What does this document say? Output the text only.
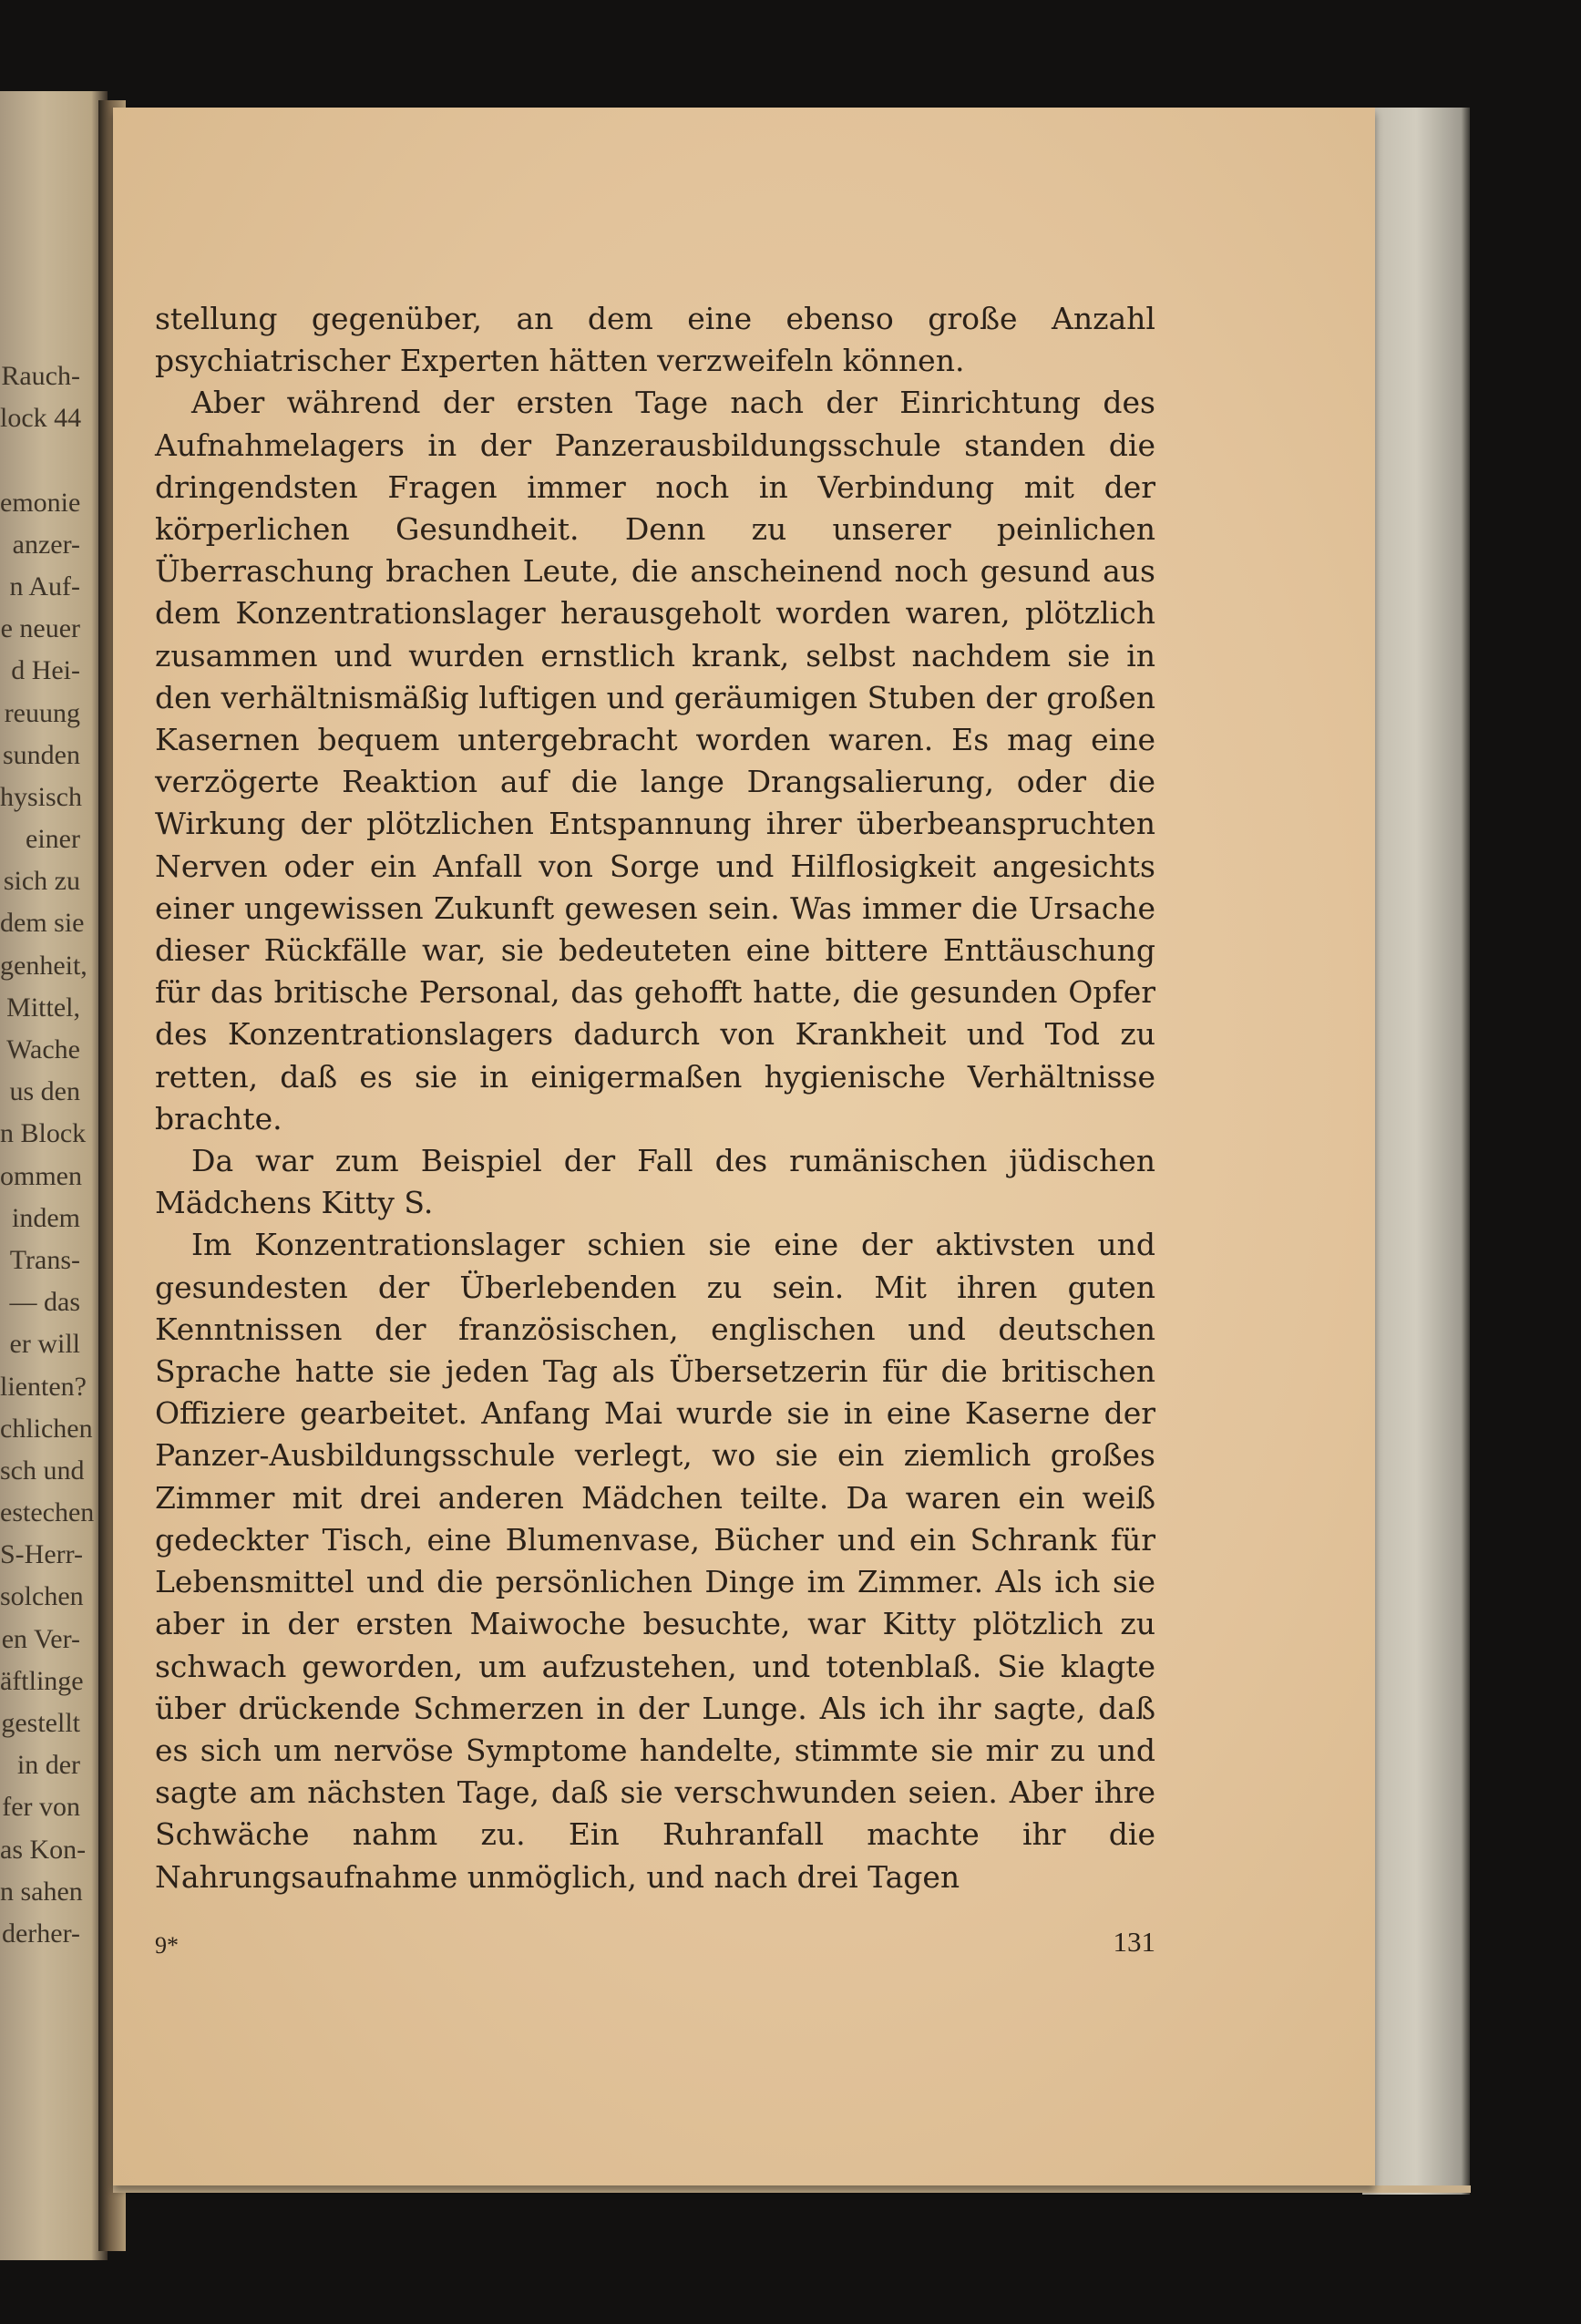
Rauch-
lock 44
emonie
anzer-
n Auf-
e neuer
d Hei-
reuung
sunden
hysisch
einer
sich zu
dem sie
genheit,
Mittel,
Wache
us den
n Block
ommen
indem
Trans-
— das
er will
lienten?
chlichen
sch und
estechen
S-Herr-
solchen
en Ver-
äftlinge
gestellt
in der
fer von
as Kon-
n sahen
derher-

stellung gegenüber, an dem eine ebenso große Anzahl psychiatrischer Experten hätten verzweifeln können.

Aber während der ersten Tage nach der Einrichtung des Aufnahmelagers in der Panzerausbildungsschule standen die dringendsten Fragen immer noch in Verbindung mit der körperlichen Gesundheit. Denn zu unserer peinlichen Überraschung brachen Leute, die anscheinend noch gesund aus dem Konzentrationslager herausgeholt worden waren, plötzlich zusammen und wurden ernstlich krank, selbst nachdem sie in den verhältnismäßig luftigen und geräumigen Stuben der großen Kasernen bequem untergebracht worden waren. Es mag eine verzögerte Reaktion auf die lange Drangsalierung, oder die Wirkung der plötzlichen Entspannung ihrer überbeanspruchten Nerven oder ein Anfall von Sorge und Hilflosigkeit angesichts einer ungewissen Zukunft gewesen sein. Was immer die Ursache dieser Rückfälle war, sie bedeuteten eine bittere Enttäuschung für das britische Personal, das gehofft hatte, die gesunden Opfer des Konzentrationslagers dadurch von Krankheit und Tod zu retten, daß es sie in einigermaßen hygienische Verhältnisse brachte.

Da war zum Beispiel der Fall des rumänischen jüdischen Mädchens Kitty S.

Im Konzentrationslager schien sie eine der aktivsten und gesundesten der Überlebenden zu sein. Mit ihren guten Kenntnissen der französischen, englischen und deutschen Sprache hatte sie jeden Tag als Übersetzerin für die britischen Offiziere gearbeitet. Anfang Mai wurde sie in eine Kaserne der Panzer-Ausbildungsschule verlegt, wo sie ein ziemlich großes Zimmer mit drei anderen Mädchen teilte. Da waren ein weiß gedeckter Tisch, eine Blumenvase, Bücher und ein Schrank für Lebensmittel und die persönlichen Dinge im Zimmer. Als ich sie aber in der ersten Maiwoche besuchte, war Kitty plötzlich zu schwach geworden, um aufzustehen, und totenblaß. Sie klagte über drückende Schmerzen in der Lunge. Als ich ihr sagte, daß es sich um nervöse Symptome handelte, stimmte sie mir zu und sagte am nächsten Tage, daß sie verschwunden seien. Aber ihre Schwäche nahm zu. Ein Ruhranfall machte ihr die Nahrungsaufnahme unmöglich, und nach drei Tagen

9*	131
